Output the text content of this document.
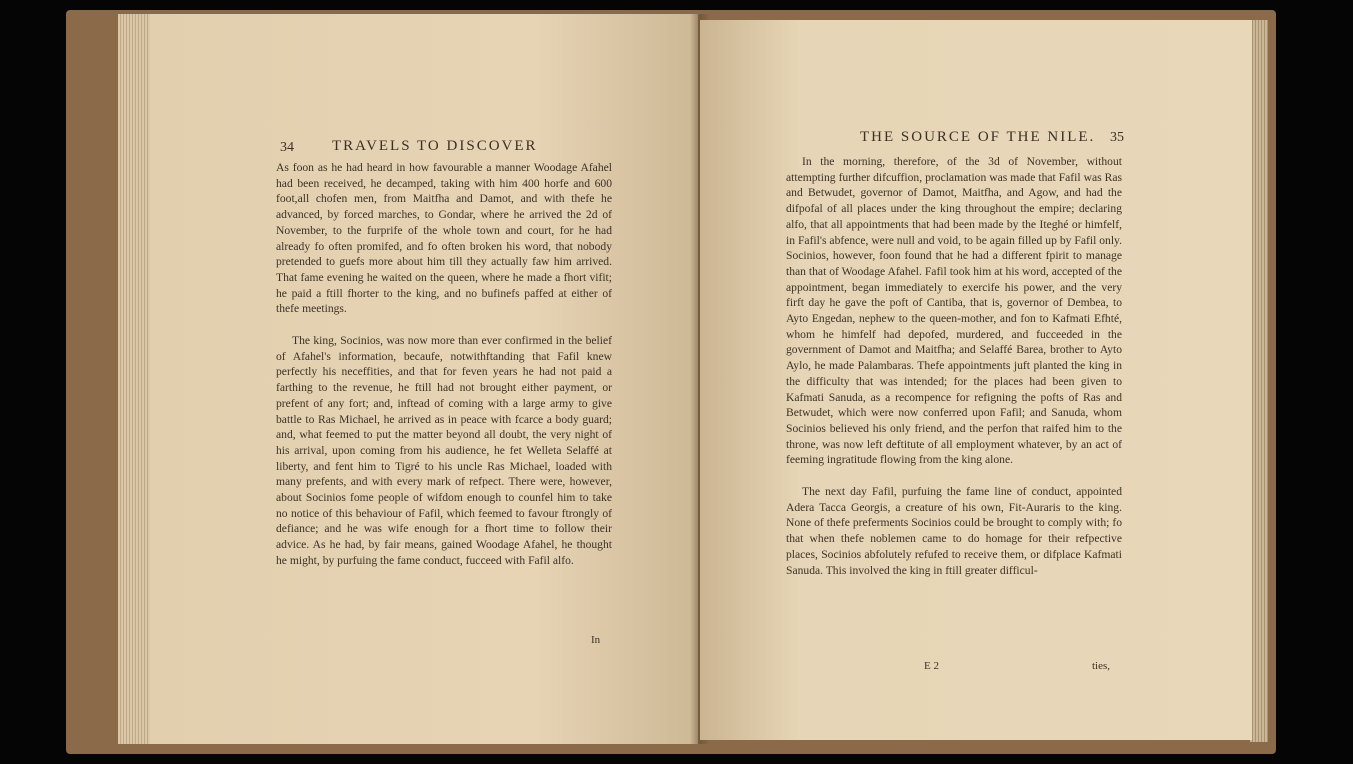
34	TRAVELS TO DISCOVER

As foon as he had heard in how favourable a manner Woodage Afahel had been received, he decamped, taking with him 400 horfe and 600 foot,all chofen men, from Maitfha and Damot, and with thefe he advanced, by forced marches, to Gondar, where he arrived the 2d of November, to the furprife of the whole town and court, for he had already fo often promifed, and fo often broken his word, that nobody pretended to guefs more about him till they actually faw him arrived. That fame evening he waited on the queen, where he made a fhort vifit; he paid a ftill fhorter to the king, and no bufinefs paffed at either of thefe meetings.

The king, Socinios, was now more than ever confirmed in the belief of Afahel's information, becaufe, notwithftanding that Fafil knew perfectly his neceffities, and that for feven years he had not paid a farthing to the revenue, he ftill had not brought either payment, or prefent of any fort; and, inftead of coming with a large army to give battle to Ras Michael, he arrived as in peace with fcarce a body guard; and, what feemed to put the matter beyond all doubt, the very night of his arrival, upon coming from his audience, he fet Welleta Selaffé at liberty, and fent him to Tigré to his uncle Ras Michael, loaded with many prefents, and with every mark of refpect. There were, however, about Socinios fome people of wifdom enough to counfel him to take no notice of this behaviour of Fafil, which feemed to favour ftrongly of defiance; and he was wife enough for a fhort time to follow their advice. As he had, by fair means, gained Woodage Afahel, he thought he might, by purfuing the fame conduct, fucceed with Fafil alfo.

In
THE SOURCE OF THE NILE. 35

In the morning, therefore, of the 3d of November, without attempting further difcuffion, proclamation was made that Fafil was Ras and Betwudet, governor of Damot, Maitfha, and Agow, and had the difpofal of all places under the king throughout the empire; declaring alfo, that all appointments that had been made by the Iteghé or himfelf, in Fafil's abfence, were null and void, to be again filled up by Fafil only. Socinios, however, foon found that he had a different fpirit to manage than that of Woodage Afahel. Fafil took him at his word, accepted of the appointment, began immediately to exercife his power, and the very firft day he gave the poft of Cantiba, that is, governor of Dembea, to Ayto Engedan, nephew to the queen-mother, and fon to Kafmati Efhté, whom he himfelf had depofed, murdered, and fucceeded in the government of Damot and Maitfha; and Selaffé Barea, brother to Ayto Aylo, he made Palambaras. Thefe appointments juft planted the king in the difficulty that was intended; for the places had been given to Kafmati Sanuda, as a recompence for refigning the pofts of Ras and Betwudet, which were now conferred upon Fafil; and Sanuda, whom Socinios believed his only friend, and the perfon that raifed him to the throne, was now left deftitute of all employment whatever, by an act of feeming ingratitude flowing from the king alone.

The next day Fafil, purfuing the fame line of conduct, appointed Adera Tacca Georgis, a creature of his own, Fit-Auraris to the king. None of thefe preferments Socinios could be brought to comply with; fo that when thefe noblemen came to do homage for their refpective places, Socinios abfolutely refufed to receive them, or difplace Kafmati Sanuda. This involved the king in ftill greater difficul-

E 2	ties,
